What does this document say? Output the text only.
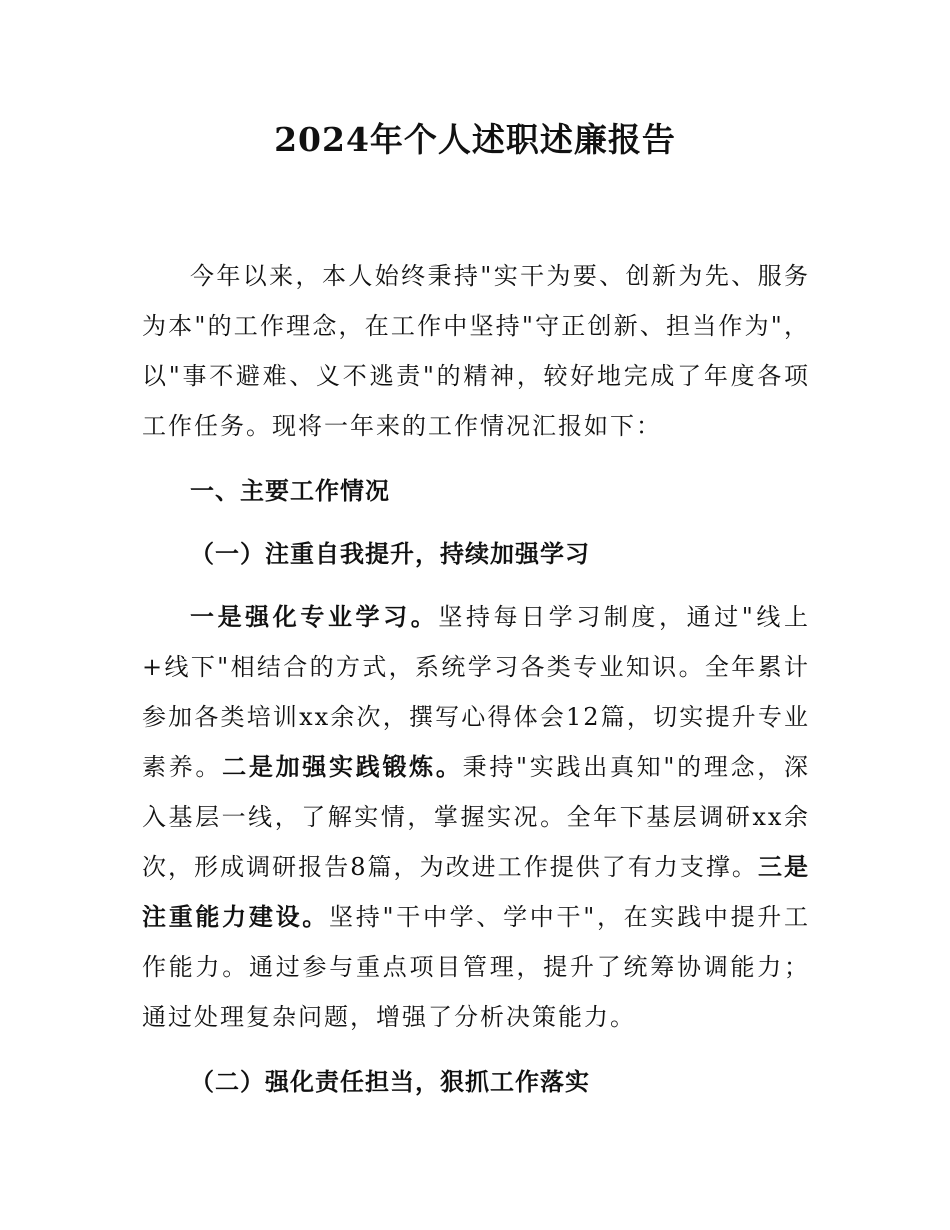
2024年个人述职述廉报告
今年以来，本人始终秉持"实干为要、创新为先、服务为本"的工作理念，在工作中坚持"守正创新、担当作为"，以"事不避难、义不逃责"的精神，较好地完成了年度各项工作任务。现将一年来的工作情况汇报如下：
一、主要工作情况
（一）注重自我提升，持续加强学习
一是强化专业学习。坚持每日学习制度，通过"线上+线下"相结合的方式，系统学习各类专业知识。全年累计参加各类培训xx余次，撰写心得体会12篇，切实提升专业素养。二是加强实践锻炼。秉持"实践出真知"的理念，深入基层一线，了解实情，掌握实况。全年下基层调研xx余次，形成调研报告8篇，为改进工作提供了有力支撑。三是注重能力建设。坚持"干中学、学中干"，在实践中提升工作能力。通过参与重点项目管理，提升了统筹协调能力；通过处理复杂问题，增强了分析决策能力。
（二）强化责任担当，狠抓工作落实
